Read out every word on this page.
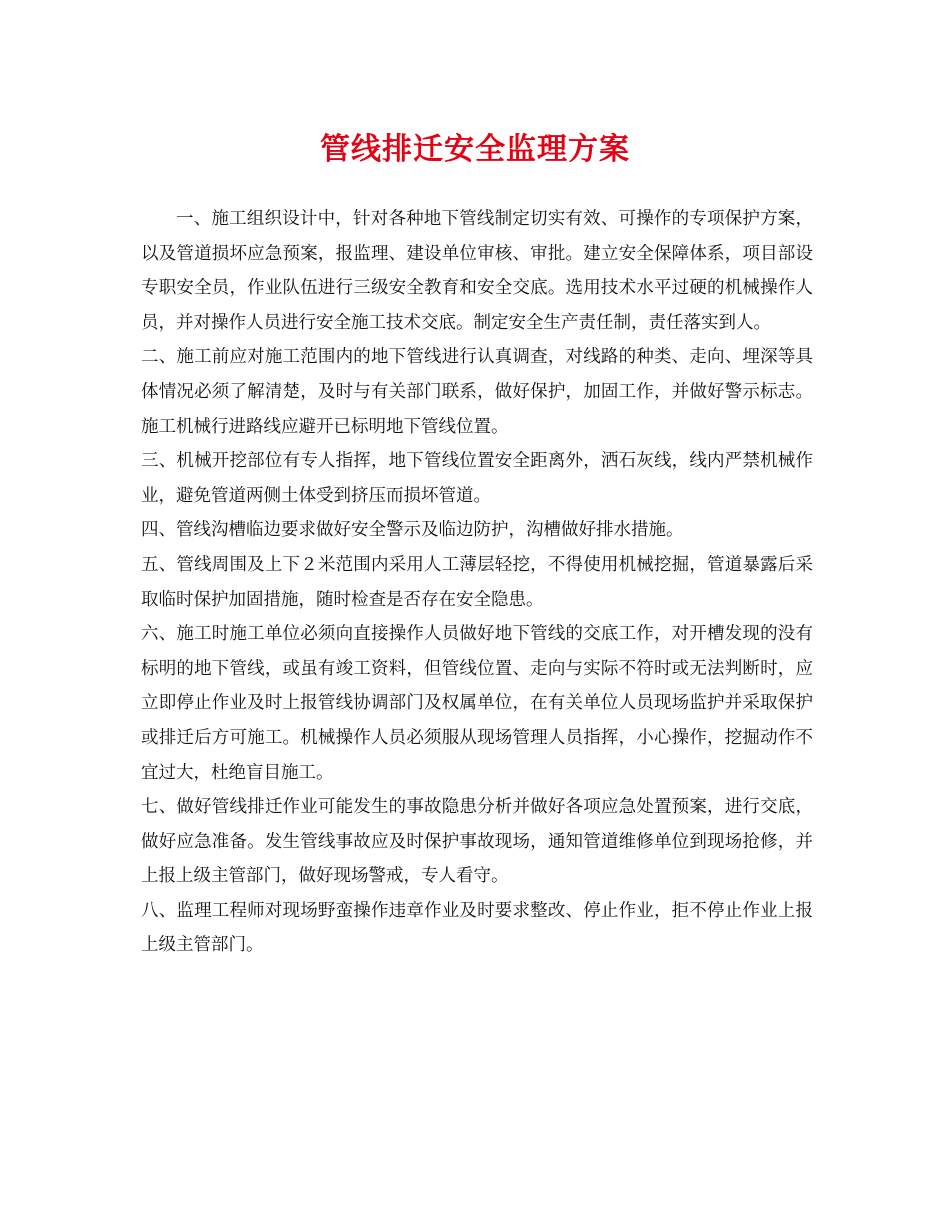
管线排迁安全监理方案

一、施工组织设计中，针对各种地下管线制定切实有效、可操作的专项保护方案，以及管道损坏应急预案，报监理、建设单位审核、审批。建立安全保障体系，项目部设专职安全员，作业队伍进行三级安全教育和安全交底。选用技术水平过硬的机械操作人员，并对操作人员进行安全施工技术交底。制定安全生产责任制，责任落实到人。

二、施工前应对施工范围内的地下管线进行认真调查，对线路的种类、走向、埋深等具体情况必须了解清楚，及时与有关部门联系，做好保护，加固工作，并做好警示标志。施工机械行进路线应避开已标明地下管线位置。

三、机械开挖部位有专人指挥，地下管线位置安全距离外，洒石灰线，线内严禁机械作业，避免管道两侧土体受到挤压而损坏管道。

四、管线沟槽临边要求做好安全警示及临边防护，沟槽做好排水措施。

五、管线周围及上下２米范围内采用人工薄层轻挖，不得使用机械挖掘，管道暴露后采取临时保护加固措施，随时检查是否存在安全隐患。

六、施工时施工单位必须向直接操作人员做好地下管线的交底工作，对开槽发现的没有标明的地下管线，或虽有竣工资料，但管线位置、走向与实际不符时或无法判断时，应立即停止作业及时上报管线协调部门及权属单位，在有关单位人员现场监护并采取保护或排迁后方可施工。机械操作人员必须服从现场管理人员指挥，小心操作，挖掘动作不宜过大，杜绝盲目施工。

七、做好管线排迁作业可能发生的事故隐患分析并做好各项应急处置预案，进行交底，做好应急准备。发生管线事故应及时保护事故现场，通知管道维修单位到现场抢修，并上报上级主管部门，做好现场警戒，专人看守。

八、监理工程师对现场野蛮操作违章作业及时要求整改、停止作业，拒不停止作业上报上级主管部门。
